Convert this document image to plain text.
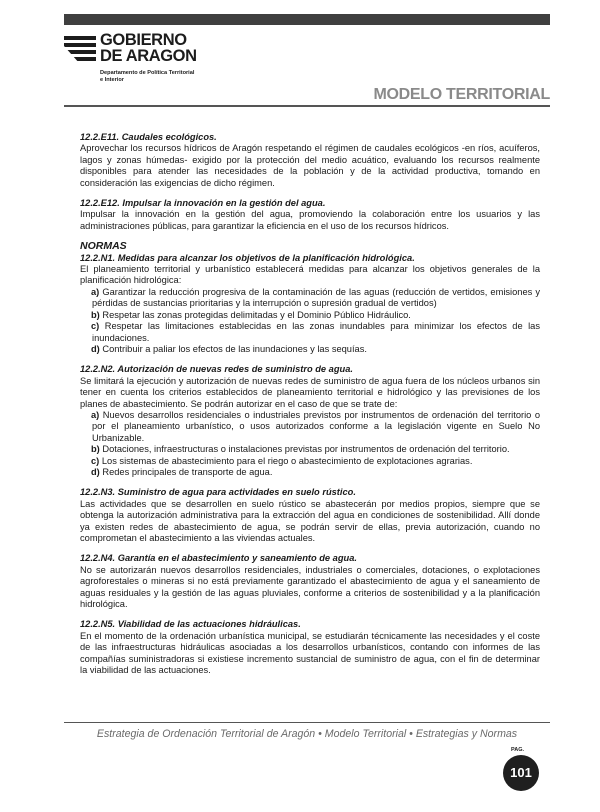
GOBIERNO
DE ARAGON
Departamento de Política Territorial
e Interior
MODELO TERRITORIAL

12.2.E11. Caudales ecológicos.

Aprovechar los recursos hídricos de Aragón respetando el régimen de caudales ecológicos -en ríos, acuíferos, lagos y zonas húmedas- exigido por la protección del medio acuático, evaluando los recursos realmente disponibles para atender las necesidades de la población y de la actividad productiva, tomando en consideración las exigencias de dicho régimen.

12.2.E12. Impulsar la innovación en la gestión del agua.

Impulsar la innovación en la gestión del agua, promoviendo la colaboración entre los usuarios y las administraciones públicas, para garantizar la eficiencia en el uso de los recursos hídricos.

NORMAS

12.2.N1. Medidas para alcanzar los objetivos de la planificación hidrológica.

El planeamiento territorial y urbanístico establecerá medidas para alcanzar los objetivos generales de la planificación hidrológica:

a) Garantizar la reducción progresiva de la contaminación de las aguas (reducción de vertidos, emisiones y pérdidas de sustancias prioritarias y la interrupción o supresión gradual de vertidos)

b) Respetar las zonas protegidas delimitadas y el Dominio Público Hidráulico.

c) Respetar las limitaciones establecidas en las zonas inundables para minimizar los efectos de las inundaciones.

d) Contribuir a paliar los efectos de las inundaciones y las sequías.

12.2.N2. Autorización de nuevas redes de suministro de agua.

Se limitará la ejecución y autorización de nuevas redes de suministro de agua fuera de los núcleos urbanos sin tener en cuenta los criterios establecidos de planeamiento territorial e hidrológico y las previsiones de los planes de abastecimiento. Se podrán autorizar en el caso de que se trate de:

a) Nuevos desarrollos residenciales o industriales previstos por instrumentos de ordenación del territorio o por el planeamiento urbanístico, o usos autorizados conforme a la legislación vigente en Suelo No Urbanizable.

b) Dotaciones, infraestructuras o instalaciones previstas por instrumentos de ordenación del territorio.

c) Los sistemas de abastecimiento para el riego o abastecimiento de explotaciones agrarias.

d) Redes principales de transporte de agua.

12.2.N3. Suministro de agua para actividades en suelo rústico.

Las actividades que se desarrollen en suelo rústico se abastecerán por medios propios, siempre que se obtenga la autorización administrativa para la extracción del agua en condiciones de sostenibilidad. Allí donde ya existen redes de abastecimiento de agua, se podrán servir de ellas, previa autorización, cuando no comprometan el abastecimiento a las viviendas actuales.

12.2.N4. Garantía en el abastecimiento y saneamiento de agua.

No se autorizarán nuevos desarrollos residenciales, industriales o comerciales, dotaciones, o explotaciones agroforestales o mineras si no está previamente garantizado el abastecimiento de agua y el saneamiento de aguas residuales y la gestión de las aguas pluviales, conforme a criterios de sostenibilidad y a la planificación hidrológica.

12.2.N5. Viabilidad de las actuaciones hidráulicas.

En el momento de la ordenación urbanística municipal, se estudiarán técnicamente las necesidades y el coste de las infraestructuras hidráulicas asociadas a los desarrollos urbanísticos, contando con informes de las compañías suministradoras si existiese incremento sustancial de suministro de agua, con el fin de determinar la viabilidad de las actuaciones.

Estrategia de Ordenación Territorial de Aragón • Modelo Territorial • Estrategias y Normas
PAG.
101
